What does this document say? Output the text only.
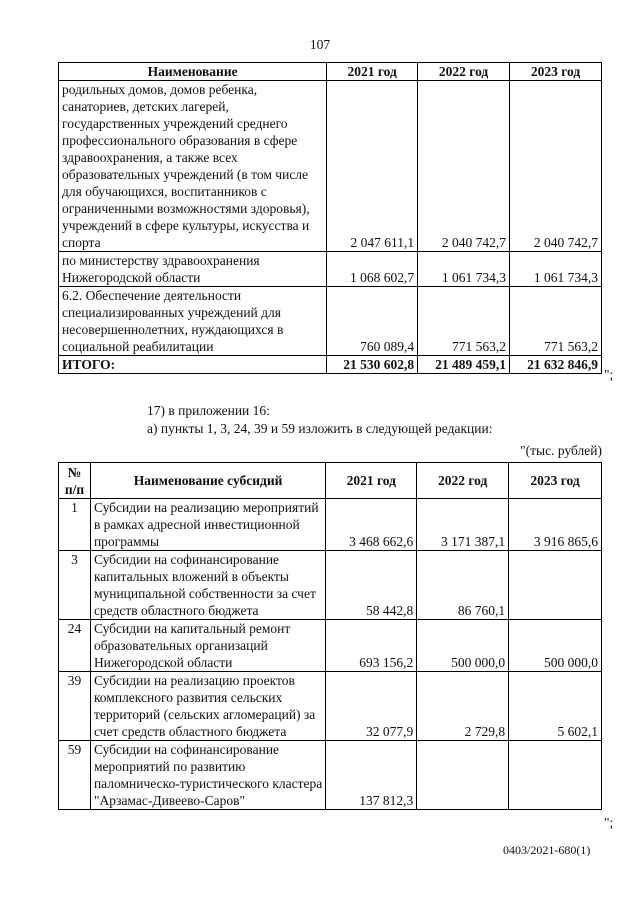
107
Наименование	2021 год	2022 год	2023 год
родильных домов, домов ребенка, санаториев, детских лагерей, государственных учреждений среднего профессионального образования в сфере здравоохранения, а также всех образовательных учреждений (в том числе для обучающихся, воспитанников с ограниченными возможностями здоровья), учреждений в сфере культуры, искусства и спорта	2 047 611,1	2 040 742,7	2 040 742,7
по министерству здравоохранения Нижегородской области	1 068 602,7	1 061 734,3	1 061 734,3
6.2. Обеспечение деятельности специализированных учреждений для несовершеннолетних, нуждающихся в социальной реабилитации	760 089,4	771 563,2	771 563,2
ИТОГО:	21 530 602,8	21 489 459,1	21 632 846,9
";
17) в приложении 16:
а) пункты 1, 3, 24, 39 и 59 изложить в следующей редакции:
"(тыс. рублей)
№ п/п	Наименование субсидий	2021 год	2022 год	2023 год
1	Субсидии на реализацию мероприятий в рамках адресной инвестиционной программы	3 468 662,6	3 171 387,1	3 916 865,6
3	Субсидии на софинансирование капитальных вложений в объекты муниципальной собственности за счет средств областного бюджета	58 442,8	86 760,1	
24	Субсидии на капитальный ремонт образовательных организаций Нижегородской области	693 156,2	500 000,0	500 000,0
39	Субсидии на реализацию проектов комплексного развития сельских территорий (сельских агломераций) за счет средств областного бюджета	32 077,9	2 729,8	5 602,1
59	Субсидии на софинансирование мероприятий по развитию паломническо-туристического кластера "Арзамас-Дивеево-Саров"	137 812,3		
";
0403/2021-680(1)
